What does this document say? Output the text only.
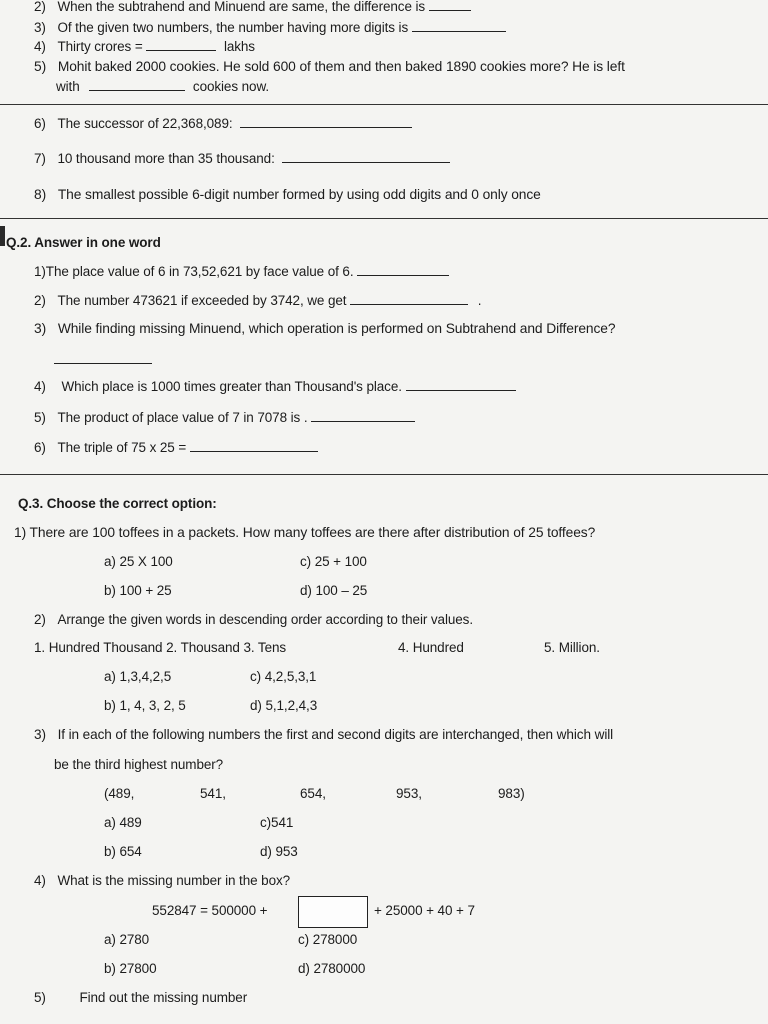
2) When the subtrahend and Minuend are same, the difference is
3) Of the given two numbers, the number having more digits is
4) Thirty crores =	lakhs
5) Mohit baked 2000 cookies. He sold 600 of them and then baked 1890 cookies more? He is left
with	cookies now.
6) The successor of 22,368,089:
7) 10 thousand more than 35 thousand:
8) The smallest possible 6-digit number formed by using odd digits and 0 only once
Q.2. Answer in one word
1)The place value of 6 in 73,52,621 by face value of 6.
2) The number 473621 if exceeded by 3742, we get	.
3) While finding missing Minuend, which operation is performed on Subtrahend and Difference?
4) Which place is 1000 times greater than Thousand's place.
5) The product of place value of 7 in 7078 is .
6) The triple of 75 x 25 =
Q.3. Choose the correct option:
1) There are 100 toffees in a packets. How many toffees are there after distribution of 25 toffees?
a) 25 X 100	c) 25 + 100
b) 100 + 25	d) 100 – 25
2) Arrange the given words in descending order according to their values.
1. Hundred Thousand 2. Thousand 3. Tens	4. Hundred	5. Million.
a) 1,3,4,2,5	c) 4,2,5,3,1
b) 1, 4, 3, 2, 5	d) 5,1,2,4,3
3) If in each of the following numbers the first and second digits are interchanged, then which will
be the third highest number?
(489,	541,	654,	953,	983)
a) 489	c)541
b) 654	d) 953
4) What is the missing number in the box?
552847 = 500000 +	+ 25000 + 40 + 7
a) 2780	c) 278000
b) 27800	d) 2780000
5) Find out the missing number
